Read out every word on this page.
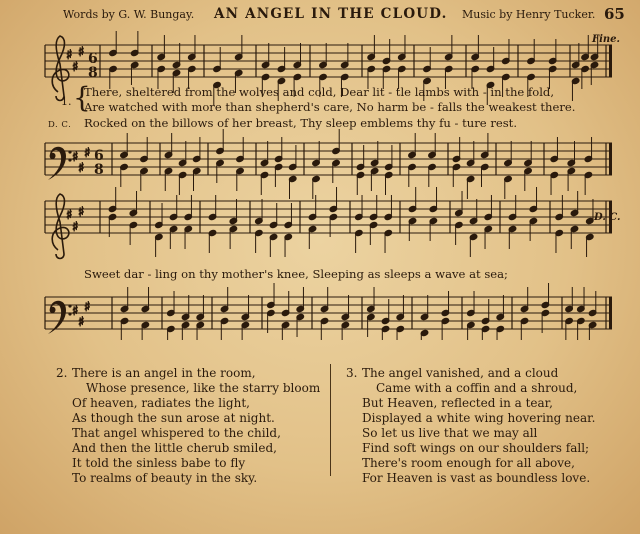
Words by G. W. Bungay. AN ANGEL IN THE CLOUD. Music by Henry Tucker. 65
♯
♯
♯
♯
♯
♯
♯
♯
♯
♯
♯
♯
6
8
6
8
Fine.
D. C.
1. {
There, sheltered from the wolves and cold, Dear lit - tle lambs with - in the fold,
Are watched with more than shepherd's care, No harm be - falls the weakest there.
D. C. Rocked on the billows of her breast, Thy sleep emblems thy fu - ture rest.
Sweet dar - ling on thy mother's knee, Sleeping as sleeps a wave at sea;
2. There is an angel in the room,
Whose presence, like the starry bloom
Of heaven, radiates the light,
As though the sun arose at night.
That angel whispered to the child,
And then the little cherub smiled,
It told the sinless babe to fly
To realms of beauty in the sky.
3. The angel vanished, and a cloud
Came with a coffin and a shroud,
But Heaven, reflected in a tear,
Displayed a white wing hovering near.
So let us live that we may all
Find soft wings on our shoulders fall;
There's room enough for all above,
For Heaven is vast as boundless love.
